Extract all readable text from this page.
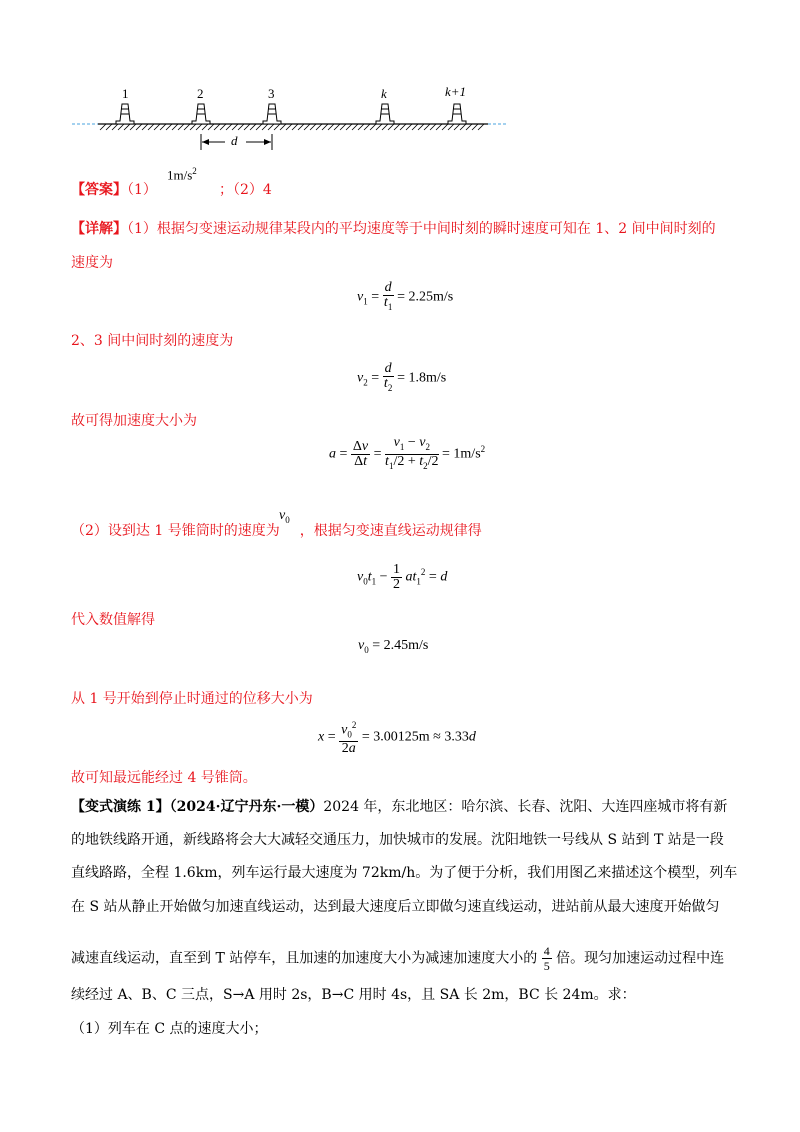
1	2	3	k	k+1
d
【答案】（1）
$1m/s^2$
；（2）4
【详解】（1）根据匀变速运动规律某段内的平均速度等于中间时刻的瞬时速度可知在 1、2 间中间时刻的
速度为
$v_1 = \frac{d}{t_1} = 2.25m/s$
2、3 间中间时刻的速度为
$v_2 = \frac{d}{t_2} = 1.8m/s$
故可得加速度大小为
$a = \frac{\Delta v}{\Delta t} = \frac{v_1 - v_2}{t_1/2 + t_2/2} = 1m/s^2$
（2）设到达 1 号锥筒时的速度为 ，根据匀变速直线运动规律得
$v_0$
$v_0t_1 - \frac{1}{2} at_1^2 = d$
代入数值解得
$v_0 = 2.45m/s$
从 1 号开始到停止时通过的位移大小为
$x = \frac{v_0^2}{2a} = 3.00125m \approx 3.33d$
故可知最远能经过 4 号锥筒。
【变式演练 1】（2024·辽宁丹东·一模）2024 年，东北地区：哈尔滨、长春、沈阳、大连四座城市将有新
的地铁线路开通，新线路将会大大减轻交通压力，加快城市的发展。沈阳地铁一号线从 S 站到 T 站是一段
直线路路，全程 1.6km，列车运行最大速度为 72km/h。为了便于分析，我们用图乙来描述这个模型，列车
在 S 站从静止开始做匀加速直线运动，达到最大速度后立即做匀速直线运动，进站前从最大速度开始做匀
减速直线运动，直至到 T 站停车，且加速的加速度大小为减速加速度大小的 $\frac{4}{5}$ 倍。现匀加速运动过程中连
续经过 A、B、C 三点，S→A 用时 2s，B→C 用时 4s，且 SA 长 2m，BC 长 24m。求：
（1）列车在 C 点的速度大小；
